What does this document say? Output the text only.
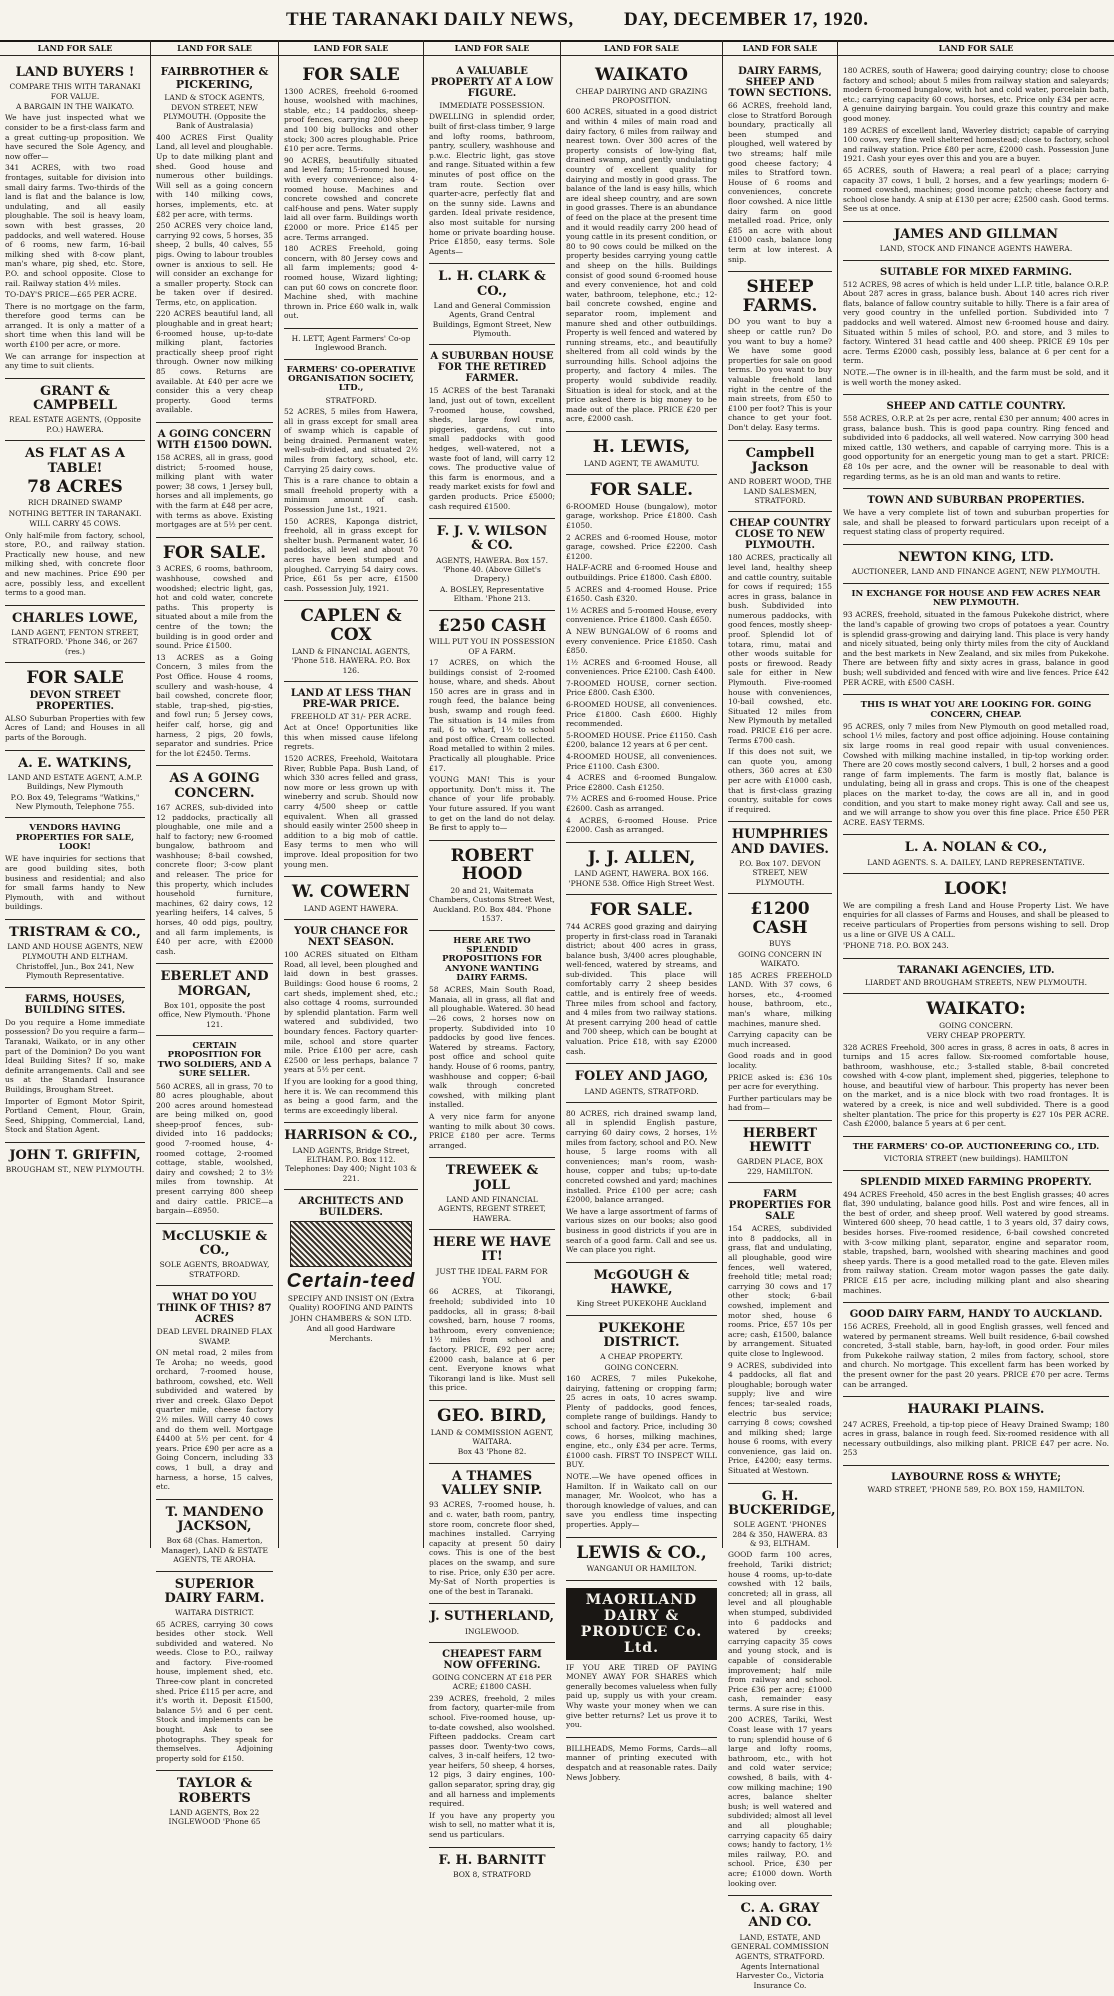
THE TARANAKI DAILY NEWS,	DAY, DECEMBER 17, 1920.
LAND FOR SALE
LAND BUYERS !
COMPARE THIS WITH TARANAKI FOR VALUE.
A BARGAIN IN THE WAIKATO.
We have just inspected what we consider to be a first-class farm and a great cutting-up proposition. We have secured the Sole Agency, and now offer—
341 ACRES, with two road frontages, suitable for division into small dairy farms. Two-thirds of the land is flat and the balance is low, undulating, and all easily ploughable. The soil is heavy loam, sown with best grasses, 20 paddocks, and well watered. House of 6 rooms, new farm, 16-bail milking shed with 8-cow plant, man's whare, pig shed, etc. Store, P.O. and school opposite. Close to rail. Railway station 4½ miles.
TO-DAY'S PRICE—£65 PER ACRE.
There is no mortgage on the farm, therefore good terms can be arranged. It is only a matter of a short time when this land will be worth £100 per acre, or more.
We can arrange for inspection at any time to suit clients.
GRANT & CAMPBELL
REAL ESTATE AGENTS, (Opposite P.O.) HAWERA.
AS FLAT AS A TABLE!
78 ACRES
RICH DRAINED SWAMP
NOTHING BETTER IN TARANAKI.
WILL CARRY 45 COWS.
Only half-mile from factory, school, store, P.O., and railway station. Practically new house, and new milking shed, with concrete floor and new machines. Price £90 per acre, possibly less, and excellent terms to a good man.
CHARLES LOWE,
LAND AGENT, FENTON STREET, STRATFORD. 'Phone 346, or 267 (res.)
FOR SALE
DEVON STREET PROPERTIES.
ALSO Suburban Properties with few Acres of Land; and Houses in all parts of the Borough.
A. E. WATKINS,
LAND AND ESTATE AGENT, A.M.P. Buildings, New Plymouth
P.O. Box 49, Telegrams "Watkins," New Plymouth, Telephone 755.
VENDORS HAVING PROPERTIES FOR SALE, LOOK!
WE have inquiries for sections that are good building sites, both business and residential; and also for small farms handy to New Plymouth, with and without buildings.
TRISTRAM & CO.,
LAND AND HOUSE AGENTS, NEW PLYMOUTH AND ELTHAM.
Christoffel, Jun., Box 241, New Plymouth Representative.
FARMS, HOUSES, BUILDING SITES.
Do you require a Home immediate possession? Do you require a farm—Taranaki, Waikato, or in any other part of the Dominion? Do you want Ideal Building Sites? If so, make definite arrangements. Call and see us at the Standard Insurance Buildings, Brougham Street.
Importer of Egmont Motor Spirit, Portland Cement, Flour, Grain, Seed, Shipping, Commercial, Land, Stock and Station Agent.
JOHN T. GRIFFIN,
BROUGHAM ST., NEW PLYMOUTH.
LAND FOR SALE
FAIRBROTHER & PICKERING,
LAND & STOCK AGENTS, DEVON STREET, NEW PLYMOUTH. (Opposite the Bank of Australasia)
400 ACRES First Quality Land, all level and ploughable. Up to date milking plant and shed. Good house and numerous other buildings. Will sell as a going concern with 140 milking cows, horses, implements, etc. at £82 per acre, with terms.
250 ACRES very choice land, carrying 92 cows, 5 horses, 35 sheep, 2 bulls, 40 calves, 55 pigs. Owing to labour troubles owner is anxious to sell. He will consider an exchange for a smaller property. Stock can be taken over if desired. Terms, etc, on application.
220 ACRES beautiful land, all ploughable and in great heart; 6-roomed house, up-to-date milking plant, factories practically sheep proof right through. Owner now milking 85 cows. Returns are available. At £40 per acre we consider this a very cheap property. Good terms available.
A GOING CONCERN WITH £1500 DOWN.
158 ACRES, all in grass, good district; 5-roomed house, milking plant with water power; 38 cows, 1 Jersey bull, horses and all implements, go with the farm at £48 per acre, with terms as above. Existing mortgages are at 5½ per cent.
FOR SALE.
3 ACRES, 6 rooms, bathroom, washhouse, cowshed and woodshed; electric light, gas, hot and cold water, concrete paths. This property is situated about a mile from the centre of the town; the building is in good order and sound. Price £1500.
13 ACRES as a Going Concern, 3 miles from the Post Office. House 4 rooms, scullery and wash-house, 4 bail cowshed, concrete floor, stable, trap-shed, pig-sties, and fowl run; 5 Jersey cows, heifer calf, horse, gig and harness, 2 pigs, 20 fowls, separator and sundries. Price for the lot £2450. Terms.
AS A GOING CONCERN.
167 ACRES, sub-divided into 12 paddocks, practically all ploughable, one mile and a half to factory; new 6-roomed bungalow, bathroom and washhouse; 8-bail cowshed, concrete floor; 3-cow plant and releaser. The price for this property, which includes household furniture, machines, 62 dairy cows, 12 yearling heifers, 14 calves, 5 horses, 40 odd pigs, poultry, and all farm implements, is £40 per acre, with £2000 cash.
EBERLET AND MORGAN,
Box 101, opposite the post office, New Plymouth. 'Phone 121.
CERTAIN PROPOSITION FOR TWO SOLDIERS, AND A SURE SELLER.
560 ACRES, all in grass, 70 to 80 acres ploughable, about 200 acres around homestead are being milked on, good sheep-proof fences, sub-divided into 16 paddocks; good 7-roomed house, 4-roomed cottage, 2-roomed cottage, stable, woolshed, dairy and cowshed; 2 to 3½ miles from township. At present carrying 800 sheep and dairy cattle. PRICE—a bargain—£8950.
McCLUSKIE & CO.,
SOLE AGENTS, BROADWAY, STRATFORD.
WHAT DO YOU THINK OF THIS? 87 ACRES
DEAD LEVEL DRAINED FLAX SWAMP.
ON metal road, 2 miles from Te Aroha; no weeds, good orchard, 7-roomed house, bathroom, cowshed, etc. Well subdivided and watered by river and creek. Glaxo Depot quarter mile, cheese factory 2½ miles. Will carry 40 cows and do them well. Mortgage £4400 at 5½ per cent. for 4 years. Price £90 per acre as a Going Concern, including 33 cows, 1 bull, a dray and harness, a horse, 15 calves, etc.
T. MANDENO JACKSON,
Box 68 (Chas. Hamerton, Manager), LAND & ESTATE AGENTS, TE AROHA.
SUPERIOR DAIRY FARM.
WAITARA DISTRICT.
65 ACRES, carrying 30 cows besides other stock. Well subdivided and watered. No weeds. Close to P.O., railway and factory. Five-roomed house, implement shed, etc. Three-cow plant in concreted shed. Price £115 per acre, and it's worth it. Deposit £1500, balance 5½ and 6 per cent. Stock and implements can be bought. Ask to see photographs. They speak for themselves. Adjoining property sold for £150.
TAYLOR & ROBERTS
LAND AGENTS, Box 22 INGLEWOOD 'Phone 65
LAND FOR SALE
FOR SALE
1300 ACRES, freehold 6-roomed house, woolshed with machines, stable, etc.; 14 paddocks, sheep-proof fences, carrying 2000 sheep and 100 big bullocks and other stock; 300 acres ploughable. Price £10 per acre. Terms.
90 ACRES, beautifully situated and level farm; 15-roomed house, with every convenience; also 4-roomed house. Machines and concrete cowshed and concrete calf-house and pens. Water supply laid all over farm. Buildings worth £2000 or more. Price £145 per acre. Terms arranged.
180 ACRES Freehold, going concern, with 80 Jersey cows and all farm implements; good 4-roomed house, Wizard lighting; can put 60 cows on concrete floor. Machine shed, with machine thrown in. Price £60 walk in, walk out.
H. LETT, Agent Farmers' Co-op Inglewood Branch.
FARMERS' CO-OPERATIVE ORGANISATION SOCIETY, LTD.,
STRATFORD.
52 ACRES, 5 miles from Hawera, all in grass except for small area of swamp which is capable of being drained. Permanent water, well-sub-divided, and situated 2½ miles from factory, school, etc. Carrying 25 dairy cows.
This is a rare chance to obtain a small freehold property with a minimum amount of cash. Possession June 1st., 1921.
150 ACRES, Kaponga district, freehold, all in grass except for shelter bush. Permanent water, 16 paddocks, all level and about 70 acres have been stumped and ploughed. Carrying 54 dairy cows. Price, £61 5s per acre, £1500 cash. Possession July, 1921.
CAPLEN & COX
LAND & FINANCIAL AGENTS, 'Phone 518. HAWERA. P.O. Box 126.
LAND AT LESS THAN PRE-WAR PRICE.
FREEHOLD AT 31/- PER ACRE.
Act at Once! Opportunities like this when missed cause lifelong regrets.
1520 ACRES, Freehold, Waitotara River, Rubble Papa. Bush Land, of which 330 acres felled and grass, now more or less grown up with wineberry and scrub. Should now carry 4/500 sheep or cattle equivalent. When all grassed should easily winter 2500 sheep in addition to a big mob of cattle. Easy terms to men who will improve. Ideal proposition for two young men.
W. COWERN
LAND AGENT HAWERA.
YOUR CHANCE FOR NEXT SEASON.
100 ACRES situated on Eltham Road, all level, been ploughed and laid down in best grasses. Buildings: Good house 6 rooms, 2 cart sheds, implement shed, etc.; also cottage 4 rooms, surrounded by splendid plantation. Farm well watered and subdivided, two boundary fences. Factory quarter-mile, school and store quarter mile. Price £100 per acre, cash £2500 or less perhaps, balance 7 years at 5½ per cent.
If you are looking for a good thing, here it is. We can recommend this as being a good farm, and the terms are exceedingly liberal.
HARRISON & CO.,
LAND AGENTS, Bridge Street, ELTHAM. P.O. Box 112. Telephones: Day 400; Night 103 & 221.
ARCHITECTS AND BUILDERS.
Certain-teed
SPECIFY AND INSIST ON (Extra Quality) ROOFING AND PAINTS
JOHN CHAMBERS & SON LTD.
And all good Hardware Merchants.
LAND FOR SALE
A VALUABLE PROPERTY AT A LOW FIGURE.
IMMEDIATE POSSESSION.
DWELLING in splendid order, built of first-class timber, 9 large and lofty rooms, bathroom, pantry, scullery, washhouse and p.w.c. Electric light, gas stove and range. Situated within a few minutes of post office on the tram route. Section over quarter-acre, perfectly flat and on the sunny side. Lawns and garden. Ideal private residence, also most suitable for nursing home or private boarding house. Price £1850, easy terms. Sole Agents—
L. H. CLARK & CO.,
Land and General Commission Agents, Grand Central Buildings, Egmont Street, New Plymouth.
A SUBURBAN HOUSE FOR THE RETIRED FARMER.
15 ACRES of the best Taranaki land, just out of town, excellent 7-roomed house, cowshed, sheds, large fowl runs, piggeries, gardens, cut into small paddocks with good hedges, well-watered, not a waste foot of land, will carry 12 cows. The productive value of this farm is enormous, and a ready market exists for fowl and garden products. Price £5000; cash required £1500.
F. J. V. WILSON & CO.
AGENTS, HAWERA. Box 157. 'Phone 40. (Above Gillet's Drapery.)
A. BOSLEY, Representative Eltham. 'Phone 213.
£250 CASH
WILL PUT YOU IN POSSESSION OF A FARM.
17 ACRES, on which the buildings consist of 2-roomed house, whare, and sheds. About 150 acres are in grass and in rough feed, the balance being bush, swamp and rough feed. The situation is 14 miles from rail, 6 to wharf, 1½ to school and post office. Cream collected. Road metalled to within 2 miles. Practically all ploughable. Price £17.
YOUNG MAN! This is your opportunity. Don't miss it. The chance of your life probably. Your future assured. If you want to get on the land do not delay. Be first to apply to—
ROBERT HOOD
20 and 21, Waitemata Chambers, Customs Street West, Auckland. P.O. Box 484. 'Phone 1537.
HERE ARE TWO SPLENDID PROPOSITIONS FOR ANYONE WANTING DAIRY FARMS.
58 ACRES, Main South Road, Manaia, all in grass, all flat and all ploughable. Watered. 30 head—26 cows, 2 horses now on property. Subdivided into 10 paddocks by good live fences. Watered by streams. Factory, post office and school quite handy. House of 6 rooms, pantry, washhouse and copper; 6-bail walk through concreted cowshed, with milking plant installed.
A very nice farm for anyone wanting to milk about 30 cows. PRICE £180 per acre. Terms arranged.
TREWEEK & JOLL
LAND AND FINANCIAL AGENTS, REGENT STREET, HAWERA.
HERE WE HAVE IT!
JUST THE IDEAL FARM FOR YOU.
66 ACRES, at Tikorangi, freehold; subdivided into 10 paddocks, all in grass; 8-bail cowshed, barn, house 7 rooms, bathroom, every convenience; 1½ miles from school and factory. PRICE, £92 per acre; £2000 cash, balance at 6 per cent. Everyone knows what Tikorangi land is like. Must sell this price.
GEO. BIRD,
LAND & COMMISSION AGENT, WAITARA.
Box 43 'Phone 82.
A THAMES VALLEY SNIP.
93 ACRES, 7-roomed house, h. and c. water, bath room, pantry, store room, concrete floor shed, machines installed. Carrying capacity at present 50 dairy cows. This is one of the best places on the swamp, and sure to rise. Price, only £30 per acre. My-Sat of North properties is one of the best in Taranaki.
J. SUTHERLAND,
INGLEWOOD.
CHEAPEST FARM NOW OFFERING.
GOING CONCERN AT £18 PER ACRE; £1800 CASH.
239 ACRES, freehold, 2 miles from factory, quarter-mile from school. Five-roomed house, up-to-date cowshed, also woolshed. Fifteen paddocks. Cream cart passes door. Twenty-two cows, calves, 3 in-calf heifers, 12 two-year heifers, 50 sheep, 4 horses, 12 pigs, 3 dairy engines, 100-gallon separator, spring dray, gig and all harness and implements required.
If you have any property you wish to sell, no matter what it is, send us particulars.
F. H. BARNITT
BOX 8, STRATFORD
LAND FOR SALE
WAIKATO
CHEAP DAIRYING AND GRAZING PROPOSITION.
600 ACRES, situated in a good district and within 4 miles of main road and dairy factory, 6 miles from railway and nearest town. Over 300 acres of the property consists of low-lying flat, drained swamp, and gently undulating country of excellent quality for dairying and mostly in good grass. The balance of the land is easy hills, which are ideal sheep country, and are sown in good grasses. There is an abundance of feed on the place at the present time and it would readily carry 200 head of young cattle in its present condition, or 80 to 90 cows could be milked on the property besides carrying young cattle and sheep on the hills. Buildings consist of good sound 6-roomed house and every convenience, hot and cold water, bathroom, telephone, etc.; 12-bail concrete cowshed, engine and separator room, implement and manure shed and other outbuildings. Property is well fenced and watered by running streams, etc., and beautifully sheltered from all cold winds by the surrounding hills. School adjoins the property, and factory 4 miles. The property would subdivide readily. Situation is ideal for stock, and at the price asked there is big money to be made out of the place. PRICE £20 per acre, £2000 cash.
H. LEWIS,
LAND AGENT, TE AWAMUTU.
FOR SALE.
6-ROOMED House (bungalow), motor garage, workshop. Price £1800. Cash £1050.
2 ACRES and 6-roomed House, motor garage, cowshed. Price £2200. Cash £1200.
HALF-ACRE and 6-roomed House and outbuildings. Price £1800. Cash £800.
5 ACRES and 4-roomed House. Price £1650. Cash £320.
1½ ACRES and 5-roomed House, every convenience. Price £1800. Cash £650.
A NEW BUNGALOW of 6 rooms and every convenience. Price £1850. Cash £850.
1½ ACRES and 6-roomed House, all conveniences. Price £2100. Cash £400.
7-ROOMED HOUSE, corner section. Price £800. Cash £300.
6-ROOMED HOUSE, all conveniences. Price £1800. Cash £600. Highly recommended.
5-ROOMED HOUSE. Price £1150. Cash £200, balance 12 years at 6 per cent.
4-ROOMED HOUSE, all conveniences. Price £1100. Cash £300.
4 ACRES and 6-roomed Bungalow. Price £2800. Cash £1250.
7½ ACRES and 6-roomed House. Price £2600. Cash as arranged.
4 ACRES, 6-roomed House. Price £2000. Cash as arranged.
J. J. ALLEN,
LAND AGENT, HAWERA. BOX 166. 'PHONE 538. Office High Street West.
FOR SALE.
744 ACRES good grazing and dairying property in first-class road in Taranaki district; about 400 acres in grass, balance bush, 3/400 acres ploughable, well-fenced, watered by streams, and sub-divided. This place will comfortably carry 2 sheep besides cattle, and is entirely free of weeds. Three miles from school and factory, and 4 miles from two railway stations. At present carrying 200 head of cattle and 700 sheep, which can be bought at valuation. Price £18, with say £2000 cash.
FOLEY AND JAGO,
LAND AGENTS, STRATFORD.
80 ACRES, rich drained swamp land, all in splendid English pasture, carrying 60 dairy cows, 2 horses, 1½ miles from factory, school and P.O. New house, 5 large rooms with all conveniences; man's room, wash-house, copper and tubs; up-to-date concreted cowshed and yard; machines installed. Price £100 per acre; cash £2000, balance arranged.
We have a large assortment of farms of various sizes on our books; also good business in good districts if you are in search of a good farm. Call and see us. We can place you right.
McGOUGH & HAWKE,
King Street PUKEKOHE Auckland
PUKEKOHE DISTRICT.
A CHEAP PROPERTY.
GOING CONCERN.
160 ACRES, 7 miles Pukekohe, dairying, fattening or cropping farm; 25 acres in oats, 10 acres swamp. Plenty of paddocks, good fences, complete range of buildings. Handy to school and factory. Price, including 30 cows, 6 horses, milking machines, engine, etc., only £34 per acre. Terms, £1000 cash. FIRST TO INSPECT WILL BUY.
NOTE.—We have opened offices in Hamilton. If in Waikato call on our manager, Mr. Woolcot, who has a thorough knowledge of values, and can save you endless time inspecting properties. Apply—
LEWIS & CO.,
WANGANUI OR HAMILTON.
MAORILAND DAIRY & PRODUCE Co. Ltd.
IF YOU ARE TIRED OF PAYING MONEY AWAY FOR SHARES which generally becomes valueless when fully paid up, supply us with your cream. Why waste your money when we can give better returns? Let us prove it to you.
BILLHEADS, Memo Forms, Cards—all manner of printing executed with despatch and at reasonable rates. Daily News Jobbery.
LAND FOR SALE
DAIRY FARMS, SHEEP AND TOWN SECTIONS.
66 ACRES, freehold land, close to Stratford Borough boundary, practically all been stumped and ploughed, well watered by two streams; half mile good cheese factory; 4 miles to Stratford town. House of 6 rooms and conveniences, concrete floor cowshed. A nice little dairy farm on good metalled road. Price, only £85 an acre with about £1000 cash, balance long term at low interest. A snip.
SHEEP FARMS.
DO you want to buy a sheep or cattle run? Do you want to buy a home? We have some good properties for sale on good terms. Do you want to buy valuable freehold land right in the centre of the main streets, from £50 to £100 per foot? This is your chance to get your foot. Don't delay. Easy terms.
Campbell Jackson
AND ROBERT WOOD, THE LAND SALESMEN, STRATFORD.
CHEAP COUNTRY CLOSE TO NEW PLYMOUTH.
180 ACRES, practically all level land, healthy sheep and cattle country, suitable for cows if required; 155 acres in grass, balance in bush. Subdivided into numerous paddocks, with good fences, mostly sheep-proof. Splendid lot of totara, rimu, matai and other woods suitable for posts or firewood. Ready sale for either in New Plymouth. Five-roomed house with conveniences, 10-bail cowshed, etc. Situated 12 miles from New Plymouth by metalled road. PRICE £16 per acre. Terms £700 cash.
If this does not suit, we can quote you, among others, 360 acres at £30 per acre with £1000 cash, that is first-class grazing country, suitable for cows if required.
HUMPHRIES AND DAVIES.
P.O. Box 107. DEVON STREET, NEW PLYMOUTH.
£1200 CASH
BUYS
GOING CONCERN IN WAIKATO.
185 ACRES FREEHOLD LAND. With 37 cows, 6 horses, etc., 4-roomed house, bathroom, etc., man's whare, milking machines, manure shed.
Carrying capacity can be much increased.
Good roads and in good locality.
PRICE asked is: £36 10s per acre for everything.
Further particulars may be had from—
HERBERT HEWITT
GARDEN PLACE, BOX 229, HAMILTON.
FARM PROPERTIES FOR SALE
154 ACRES, subdivided into 8 paddocks, all in grass, flat and undulating, all ploughable, good wire fences, well watered, freehold title; metal road; carrying 30 cows and 17 other stock; 6-bail cowshed, implement and motor shed, house 6 rooms. Price, £57 10s per acre; cash, £1500, balance by arrangement. Situated quite close to Inglewood.
9 ACRES, subdivided into 4 paddocks, all flat and ploughable; borough water supply; live and wire fences; tar-sealed roads, electric bus service; carrying 8 cows; cowshed and milking shed; large house 6 rooms, with every convenience, gas laid on. Price, £4200; easy terms. Situated at Westown.
G. H. BUCKERIDGE,
SOLE AGENT. 'PHONES 284 & 350, HAWERA. 83 & 93, ELTHAM.
GOOD farm 100 acres, freehold, Tariki district; house 4 rooms, up-to-date cowshed with 12 bails, concreted; all in grass, all level and all ploughable when stumped, subdivided into 6 paddocks and watered by creeks; carrying capacity 35 cows and young stock, and is capable of considerable improvement; half mile from railway and school. Price £36 per acre; £1000 cash, remainder easy terms. A sure rise in this.
200 ACRES, Tariki, West Coast lease with 17 years to run; splendid house of 6 large and lofty rooms, bathroom, etc., with hot and cold water service; cowshed, 8 bails, with 4-cow milking machine; 190 acres, balance shelter bush; is well watered and subdivided; almost all level and all ploughable; carrying capacity 65 dairy cows; handy to factory, 1½ miles railway, P.O. and school. Price, £30 per acre; £1000 down. Worth looking over.
C. A. GRAY AND CO.
LAND, ESTATE, AND GENERAL COMMISSION AGENTS, STRATFORD.
Agents International Harvester Co., Victoria Insurance Co.
LAND FOR SALE
180 ACRES, south of Hawera; good dairying country; close to choose factory and school; about 5 miles from railway station and saleyards; modern 6-roomed bungalow, with hot and cold water, porcelain bath, etc.; carrying capacity 60 cows, horses, etc. Price only £34 per acre. A genuine dairying bargain. You could graze this country and make good money.
189 ACRES of excellent land, Waverley district; capable of carrying 100 cows, very fine well sheltered homestead; close to factory, school and railway station. Price £80 per acre, £2000 cash. Possession June 1921. Cash your eyes over this and you are a buyer.
65 ACRES, south of Hawera; a real pearl of a place; carrying capacity 37 cows, 1 bull, 2 horses, and a few yearlings; modern 6-roomed cowshed, machines; good income patch; cheese factory and school close handy. A snip at £130 per acre; £2500 cash. Good terms. See us at once.
JAMES AND GILLMAN
LAND, STOCK AND FINANCE AGENTS HAWERA.
SUITABLE FOR MIXED FARMING.
512 ACRES, 98 acres of which is held under L.I.P. title, balance O.R.P. About 287 acres in grass, balance bush. About 140 acres rich river flats, balance of fallow country suitable to hilly. There is a fair area of very good country in the unfelled portion. Subdivided into 7 paddocks and well watered. Almost new 6-roomed house and dairy. Situated within 5 miles of school, P.O. and store, and 3 miles to factory. Wintered 31 head cattle and 400 sheep. PRICE £9 10s per acre. Terms £2000 cash, possibly less, balance at 6 per cent for a term.
NOTE.—The owner is in ill-health, and the farm must be sold, and it is well worth the money asked.
SHEEP AND CATTLE COUNTRY.
558 ACRES, O.R.P. at 2s per acre, rental £30 per annum; 400 acres in grass, balance bush. This is good papa country. Ring fenced and subdivided into 6 paddocks, all well watered. Now carrying 300 head mixed cattle, 130 wethers, and capable of carrying more. This is a good opportunity for an energetic young man to get a start. PRICE: £8 10s per acre, and the owner will be reasonable to deal with regarding terms, as he is an old man and wants to retire.
TOWN AND SUBURBAN PROPERTIES.
We have a very complete list of town and suburban properties for sale, and shall be pleased to forward particulars upon receipt of a request stating class of property required.
NEWTON KING, LTD.
AUCTIONEER, LAND AND FINANCE AGENT, NEW PLYMOUTH.
IN EXCHANGE FOR HOUSE AND FEW ACRES NEAR NEW PLYMOUTH.
93 ACRES, freehold, situated in the famous Pukekohe district, where the land's capable of growing two crops of potatoes a year. Country is splendid grass-growing and dairying land. This place is very handy and nicely situated, being only thirty miles from the city of Auckland and the best markets in New Zealand, and six miles from Pukekohe. There are between fifty and sixty acres in grass, balance in good bush; well subdivided and fenced with wire and live fences. Price £42 PER ACRE, with £500 CASH.
THIS IS WHAT YOU ARE LOOKING FOR. GOING CONCERN, CHEAP.
95 ACRES, only 7 miles from New Plymouth on good metalled road, school 1½ miles, factory and post office adjoining. House containing six large rooms in real good repair with usual conveniences. Cowshed with milking machine installed, in tip-top working order. There are 20 cows mostly second calvers, 1 bull, 2 horses and a good range of farm implements. The farm is mostly flat, balance is undulating, being all in grass and crops. This is one of the cheapest places on the market to-day, the cows are all in, and in good condition, and you start to make money right away. Call and see us, and we will arrange to show you over this fine place. Price £50 PER ACRE. EASY TERMS.
L. A. NOLAN & CO.,
LAND AGENTS. S. A. DAILEY, LAND REPRESENTATIVE.
LOOK!
We are compiling a fresh Land and House Property List. We have enquiries for all classes of Farms and Houses, and shall be pleased to receive particulars of Properties from persons wishing to sell. Drop us a line or GIVE US A CALL.
'PHONE 718. P.O. BOX 243.
TARANAKI AGENCIES, LTD.
LIARDET AND BROUGHAM STREETS, NEW PLYMOUTH.
WAIKATO:
GOING CONCERN.
VERY CHEAP PROPERTY.
328 ACRES Freehold, 300 acres in grass, 8 acres in oats, 8 acres in turnips and 15 acres fallow. Six-roomed comfortable house, bathroom, washhouse, etc.; 3-stalled stable, 8-bail concreted cowshed with 4-cow plant, implement shed, piggeries, telephone to house, and beautiful view of harbour. This property has never been on the market, and is a nice block with two road frontages. It is watered by a creek, is nice and well subdivided. There is a good shelter plantation. The price for this property is £27 10s PER ACRE. Cash £2000, balance 5 years at 6 per cent.
THE FARMERS' CO-OP. AUCTIONEERING CO., LTD.
VICTORIA STREET (new buildings). HAMILTON
SPLENDID MIXED FARMING PROPERTY.
494 ACRES Freehold, 450 acres in the best English grasses; 40 acres flat, 390 undulating, balance good hills. Post and wire fences, all in the best of order, and sheep proof. Well watered by good streams. Wintered 600 sheep, 70 head cattle, 1 to 3 years old, 37 dairy cows, besides horses. Five-roomed residence, 6-bail cowshed concreted with 3-cow milking plant, separator, engine and separator room, stable, trapshed, barn, woolshed with shearing machines and good sheep yards. There is a good metalled road to the gate. Eleven miles from railway station. Cream motor wagon passes the gate daily. PRICE £15 per acre, including milking plant and also shearing machines.
GOOD DAIRY FARM, HANDY TO AUCKLAND.
156 ACRES, Freehold, all in good English grasses, well fenced and watered by permanent streams. Well built residence, 6-bail cowshed concreted, 3-stall stable, barn, hay-loft, in good order. Four miles from Pukekohe railway station, 2 miles from factory, school, store and church. No mortgage. This excellent farm has been worked by the present owner for the past 20 years. PRICE £70 per acre. Terms can be arranged.
HAURAKI PLAINS.
247 ACRES, Freehold, a tip-top piece of Heavy Drained Swamp; 180 acres in grass, balance in rough feed. Six-roomed residence with all necessary outbuildings, also milking plant. PRICE £47 per acre. No. 253
LAYBOURNE ROSS & WHYTE;
WARD STREET, 'PHONE 589, P.O. BOX 159, HAMILTON.
